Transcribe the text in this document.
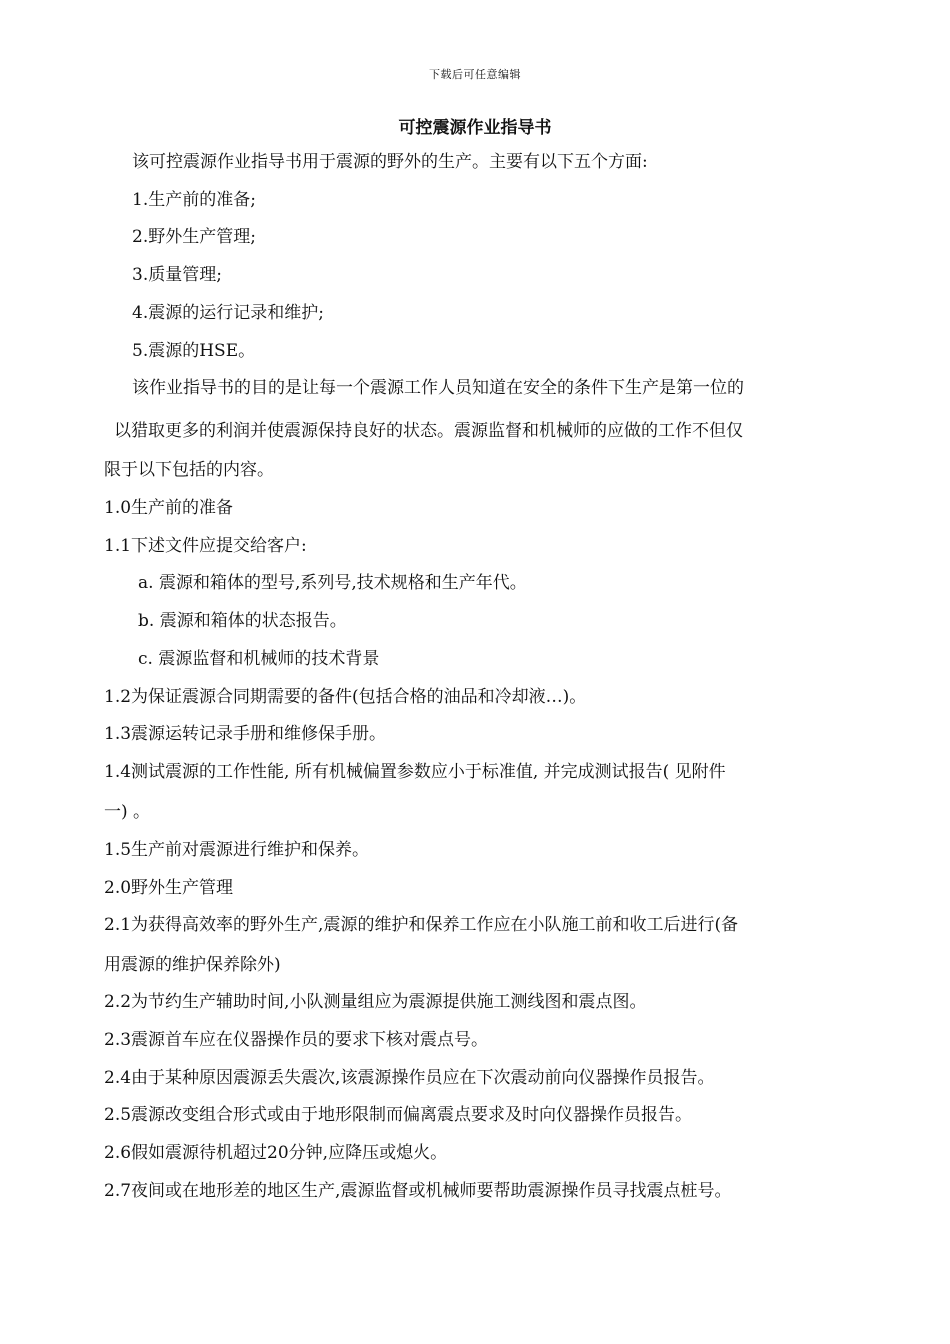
下载后可任意编辑
可控震源作业指导书
该可控震源作业指导书用于震源的野外的生产。主要有以下五个方面:
1.生产前的准备;
2.野外生产管理;
3.质量管理;
4.震源的运行记录和维护;
5.震源的HSE。
该作业指导书的目的是让每一个震源工作人员知道在安全的条件下生产是第一位的
以猎取更多的利润并使震源保持良好的状态。震源监督和机械师的应做的工作不但仅
限于以下包括的内容。
1.0生产前的准备
1.1下述文件应提交给客户:
a. 震源和箱体的型号,系列号,技术规格和生产年代。
b. 震源和箱体的状态报告。
c. 震源监督和机械师的技术背景
1.2为保证震源合同期需要的备件(包括合格的油品和冷却液…)。
1.3震源运转记录手册和维修保手册。
1.4测试震源的工作性能, 所有机械偏置参数应小于标准值, 并完成测试报告( 见附件
一) 。
1.5生产前对震源进行维护和保养。
2.0野外生产管理
2.1为获得高效率的野外生产,震源的维护和保养工作应在小队施工前和收工后进行(备
用震源的维护保养除外)
2.2为节约生产辅助时间,小队测量组应为震源提供施工测线图和震点图。
2.3震源首车应在仪器操作员的要求下核对震点号。
2.4由于某种原因震源丢失震次,该震源操作员应在下次震动前向仪器操作员报告。
2.5震源改变组合形式或由于地形限制而偏离震点要求及时向仪器操作员报告。
2.6假如震源待机超过20分钟,应降压或熄火。
2.7夜间或在地形差的地区生产,震源监督或机械师要帮助震源操作员寻找震点桩号。
